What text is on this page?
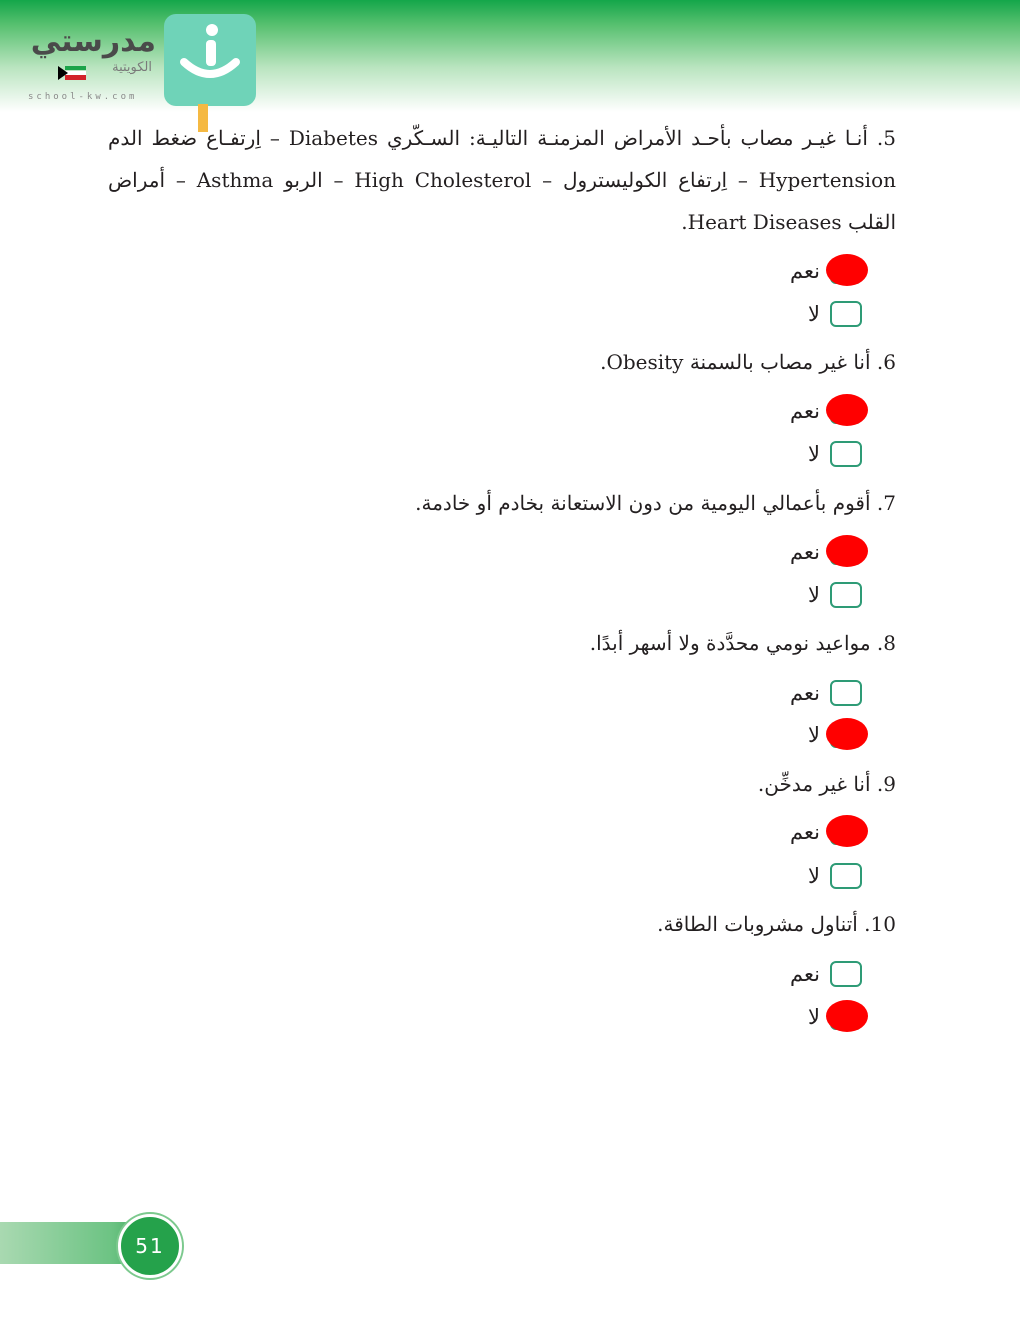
مدرستي
الكويتية
school-kw.com
5. أنـا غيـر مصاب بأحـد الأمراض المزمنـة التاليـة: السـكّري Diabetes – اِرتفـاع ضغط الدم
Hypertension – اِرتفاع الكوليسترول – High Cholesterol – الربو Asthma – أمراض
القلب Heart Diseases.
نعم
لا
6. أنا غير مصاب بالسمنة Obesity.
نعم
لا
7. أقوم بأعمالي اليومية من دون الاستعانة بخادم أو خادمة.
نعم
لا
8. مواعيد نومي محدَّدة ولا أسهر أبدًا.
نعم
لا
9. أنا غير مدخِّن.
نعم
لا
10. أتناول مشروبات الطاقة.
نعم
لا
51
